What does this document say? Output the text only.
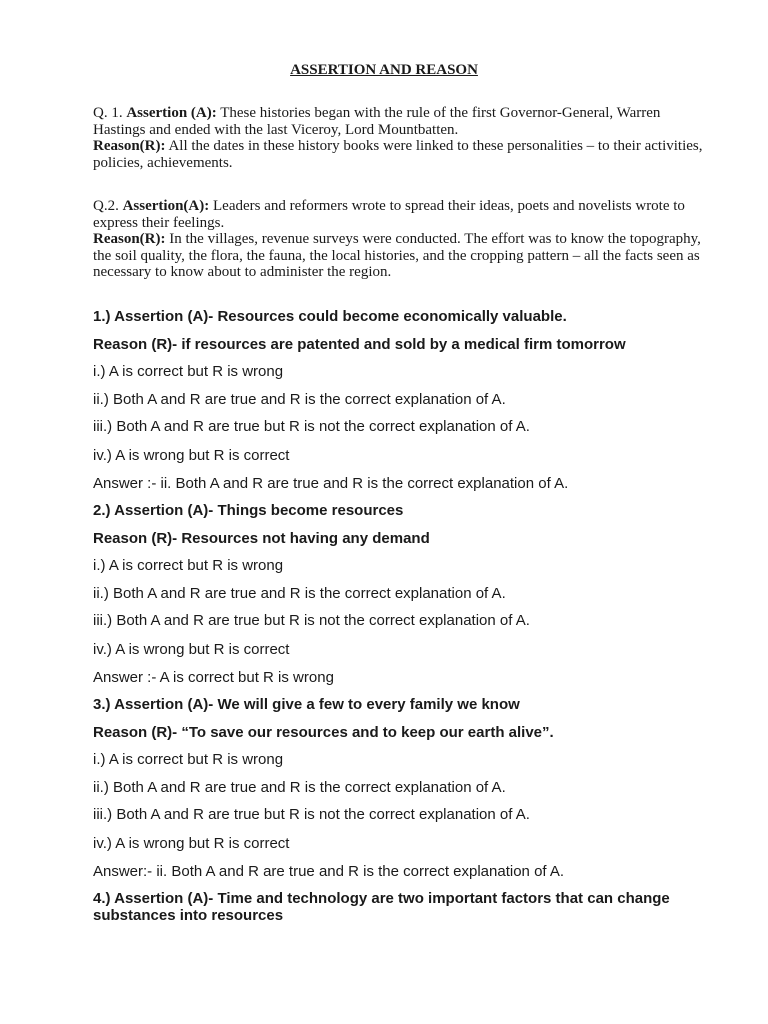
ASSERTION AND REASON

Q. 1. Assertion (A): These histories began with the rule of the first Governor-General, Warren Hastings and ended with the last Viceroy, Lord Mountbatten.

Reason(R): All the dates in these history books were linked to these personalities – to their activities, policies, achievements.

Q.2. Assertion(A): Leaders and reformers wrote to spread their ideas, poets and novelists wrote to express their feelings.

Reason(R): In the villages, revenue surveys were conducted. The effort was to know the topography, the soil quality, the flora, the fauna, the local histories, and the cropping pattern – all the facts seen as necessary to know about to administer the region.

1.) Assertion (A)- Resources could become economically valuable.
Reason (R)- if resources are patented and sold by a medical firm tomorrow
i.) A is correct but R is wrong
ii.) Both A and R are true and R is the correct explanation of A.
iii.) Both A and R are true but R is not the correct explanation of A.
iv.) A is wrong but R is correct
Answer :- ii. Both A and R are true and R is the correct explanation of A.
2.) Assertion (A)- Things become resources
Reason (R)- Resources not having any demand
i.) A is correct but R is wrong
ii.) Both A and R are true and R is the correct explanation of A.
iii.) Both A and R are true but R is not the correct explanation of A.
iv.) A is wrong but R is correct
Answer :- A is correct but R is wrong
3.) Assertion (A)- We will give a few to every family we know
Reason (R)- “To save our resources and to keep our earth alive”.
i.) A is correct but R is wrong
ii.) Both A and R are true and R is the correct explanation of A.
iii.) Both A and R are true but R is not the correct explanation of A.
iv.) A is wrong but R is correct
Answer:- ii. Both A and R are true and R is the correct explanation of A.
4.) Assertion (A)- Time and technology are two important factors that can change substances into resources
